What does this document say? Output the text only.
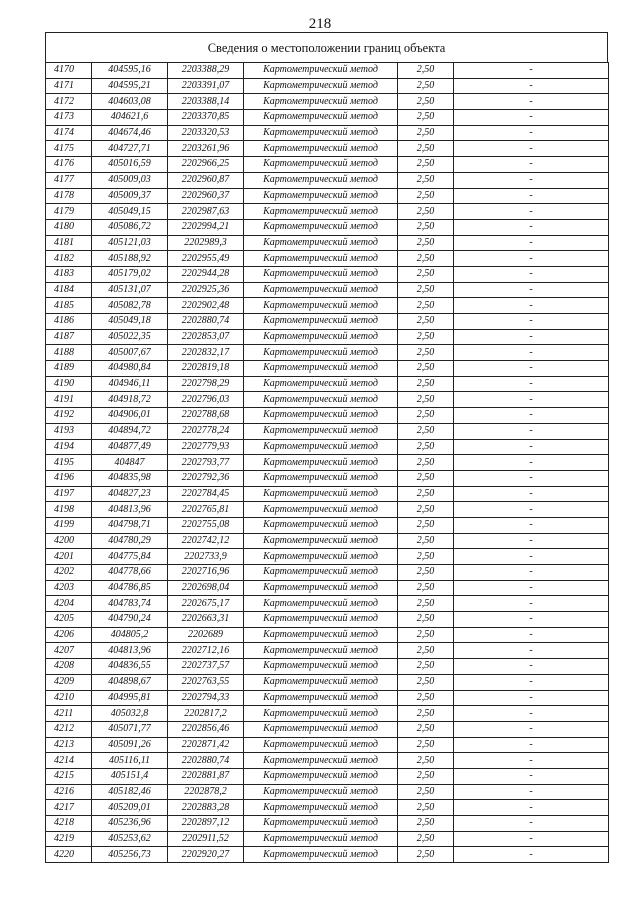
218
Сведения о местоположении границ объекта
4170	404595,16	2203388,29	Картометрический метод	2,50	-
4171	404595,21	2203391,07	Картометрический метод	2,50	-
4172	404603,08	2203388,14	Картометрический метод	2,50	-
4173	404621,6	2203370,85	Картометрический метод	2,50	-
4174	404674,46	2203320,53	Картометрический метод	2,50	-
4175	404727,71	2203261,96	Картометрический метод	2,50	-
4176	405016,59	2202966,25	Картометрический метод	2,50	-
4177	405009,03	2202960,87	Картометрический метод	2,50	-
4178	405009,37	2202960,37	Картометрический метод	2,50	-
4179	405049,15	2202987,63	Картометрический метод	2,50	-
4180	405086,72	2202994,21	Картометрический метод	2,50	-
4181	405121,03	2202989,3	Картометрический метод	2,50	-
4182	405188,92	2202955,49	Картометрический метод	2,50	-
4183	405179,02	2202944,28	Картометрический метод	2,50	-
4184	405131,07	2202925,36	Картометрический метод	2,50	-
4185	405082,78	2202902,48	Картометрический метод	2,50	-
4186	405049,18	2202880,74	Картометрический метод	2,50	-
4187	405022,35	2202853,07	Картометрический метод	2,50	-
4188	405007,67	2202832,17	Картометрический метод	2,50	-
4189	404980,84	2202819,18	Картометрический метод	2,50	-
4190	404946,11	2202798,29	Картометрический метод	2,50	-
4191	404918,72	2202796,03	Картометрический метод	2,50	-
4192	404906,01	2202788,68	Картометрический метод	2,50	-
4193	404894,72	2202778,24	Картометрический метод	2,50	-
4194	404877,49	2202779,93	Картометрический метод	2,50	-
4195	404847	2202793,77	Картометрический метод	2,50	-
4196	404835,98	2202792,36	Картометрический метод	2,50	-
4197	404827,23	2202784,45	Картометрический метод	2,50	-
4198	404813,96	2202765,81	Картометрический метод	2,50	-
4199	404798,71	2202755,08	Картометрический метод	2,50	-
4200	404780,29	2202742,12	Картометрический метод	2,50	-
4201	404775,84	2202733,9	Картометрический метод	2,50	-
4202	404778,66	2202716,96	Картометрический метод	2,50	-
4203	404786,85	2202698,04	Картометрический метод	2,50	-
4204	404783,74	2202675,17	Картометрический метод	2,50	-
4205	404790,24	2202663,31	Картометрический метод	2,50	-
4206	404805,2	2202689	Картометрический метод	2,50	-
4207	404813,96	2202712,16	Картометрический метод	2,50	-
4208	404836,55	2202737,57	Картометрический метод	2,50	-
4209	404898,67	2202763,55	Картометрический метод	2,50	-
4210	404995,81	2202794,33	Картометрический метод	2,50	-
4211	405032,8	2202817,2	Картометрический метод	2,50	-
4212	405071,77	2202856,46	Картометрический метод	2,50	-
4213	405091,26	2202871,42	Картометрический метод	2,50	-
4214	405116,11	2202880,74	Картометрический метод	2,50	-
4215	405151,4	2202881,87	Картометрический метод	2,50	-
4216	405182,46	2202878,2	Картометрический метод	2,50	-
4217	405209,01	2202883,28	Картометрический метод	2,50	-
4218	405236,96	2202897,12	Картометрический метод	2,50	-
4219	405253,62	2202911,52	Картометрический метод	2,50	-
4220	405256,73	2202920,27	Картометрический метод	2,50	-
